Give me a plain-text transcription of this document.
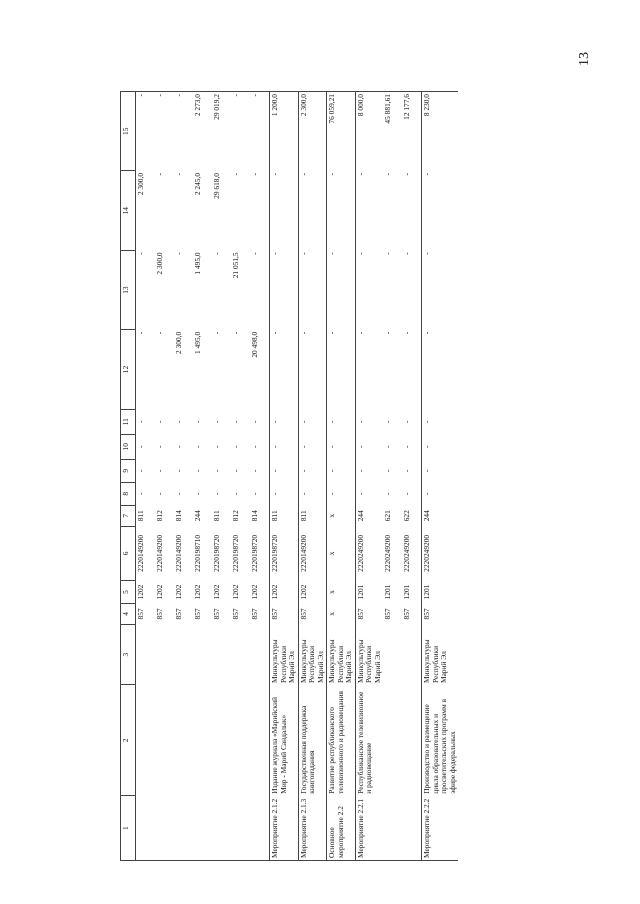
13
1	2	3	4	5	6	7	8	9	10	11	12	13	14	15
			857	1202	2220149200	811	-	-	-	-	-	-	2 300,0	-
			857	1202	2220149200	812	-	-	-	-	-	2 300,0	-	-
			857	1202	2220149200	814	-	-	-	-	2 300,0	-	-	-
			857	1202	2220198710	244	-	-	-	-	1 495,0	1 495,0	2 245,0	2 273,0
			857	1202	2220198720	811	-	-	-	-	-	-	29 618,0	29 019,2
			857	1202	2220198720	812	-	-	-	-	-	21 051,5	-	-
			857	1202	2220198720	814	-	-	-	-	20 498,0	-	-	-
Мероприятие 2.1.2	Издание журнала «Марийский Мир - Марий Сандалык»	Минкультуры Республики Марий Эл	857	1202	2220198720	811	-	-	-	-	-	-	-	1 200,0
Мероприятие 2.1.3	Государственная поддержка книгоиздания	Минкультуры Республики Марий Эл	857	1202	2220149200	811	-	-	-	-	-	-	-	2 300,0
Основное мероприятие 2.2	Развитие республиканского телевизионного и радиовещания	Минкультуры Республики Марий Эл	х	х	х	х	-	-	-	-	-	-	-	76 059,21
Мероприятие 2.2.1	Республиканское телевизионное и радиовещание	Минкультуры Республики Марий Эл	857	1201	2220249200	244	-	-	-	-	-	-	-	8 000,0
			857	1201	2220249200	621	-	-	-	-	-	-	-	45 881,61
			857	1201	2220249200	622	-	-	-	-	-	-	-	12 177,6
Мероприятие 2.2.2	Производство и размещение цикла образовательных и просветительских программ в эфире федеральных	Минкультуры Республики Марий Эл	857	1201	2220249200	244	-	-	-	-	-	-	-	8 230,0
